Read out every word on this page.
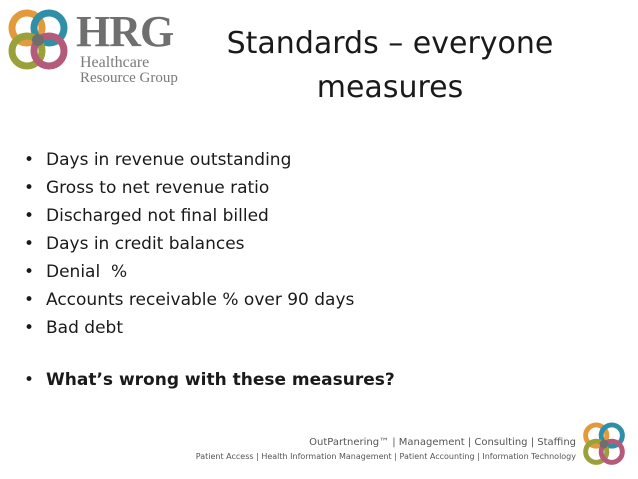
HRG
Healthcare
Resource Group
Standards – everyone
measures
• Days in revenue outstanding
• Gross to net revenue ratio
• Discharged not final billed
• Days in credit balances
• Denial  %
• Accounts receivable % over 90 days
• Bad debt
• What’s wrong with these measures?
OutPartnering™ | Management | Consulting | Staffing
Patient Access | Health Information Management | Patient Accounting | Information Technology
